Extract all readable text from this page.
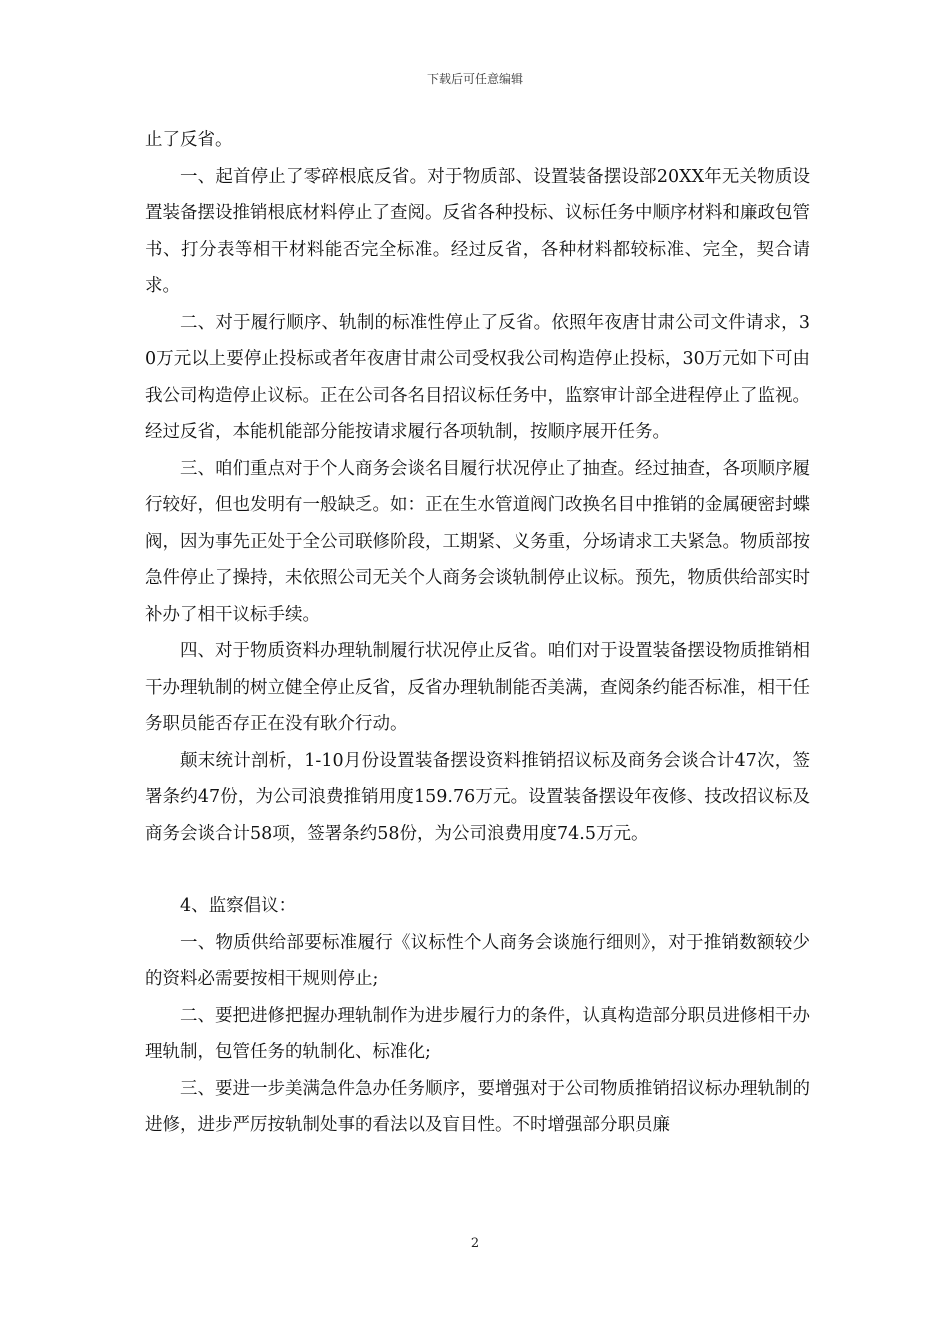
下载后可任意编辑

止了反省。

一、起首停止了零碎根底反省。对于物质部、设置装备摆设部20XX年无关物质设置装备摆设推销根底材料停止了查阅。反省各种投标、议标任务中顺序材料和廉政包管书、打分表等相干材料能否完全标准。经过反省，各种材料都较标准、完全，契合请求。

二、对于履行顺序、轨制的标准性停止了反省。依照年夜唐甘肃公司文件请求，30万元以上要停止投标或者年夜唐甘肃公司受权我公司构造停止投标，30万元如下可由我公司构造停止议标。正在公司各名目招议标任务中，监察审计部全进程停止了监视。经过反省，本能机能部分能按请求履行各项轨制，按顺序展开任务。

三、咱们重点对于个人商务会谈名目履行状况停止了抽查。经过抽查，各项顺序履行较好，但也发明有一般缺乏。如：正在生水管道阀门改换名目中推销的金属硬密封蝶阀，因为事先正处于全公司联修阶段，工期紧、义务重，分场请求工夫紧急。物质部按急件停止了操持，未依照公司无关个人商务会谈轨制停止议标。预先，物质供给部实时补办了相干议标手续。

四、对于物质资料办理轨制履行状况停止反省。咱们对于设置装备摆设物质推销相干办理轨制的树立健全停止反省，反省办理轨制能否美满，查阅条约能否标准，相干任务职员能否存正在没有耿介行动。

颠末统计剖析，1-10月份设置装备摆设资料推销招议标及商务会谈合计47次，签署条约47份，为公司浪费推销用度159.76万元。设置装备摆设年夜修、技改招议标及商务会谈合计58项，签署条约58份，为公司浪费用度74.5万元。

4、监察倡议：

一、物质供给部要标准履行《议标性个人商务会谈施行细则》，对于推销数额较少的资料必需要按相干规则停止;

二、要把进修把握办理轨制作为进步履行力的条件，认真构造部分职员进修相干办理轨制，包管任务的轨制化、标准化;

三、要进一步美满急件急办任务顺序，要增强对于公司物质推销招议标办理轨制的进修，进步严厉按轨制处事的看法以及盲目性。不时增强部分职员廉

2
